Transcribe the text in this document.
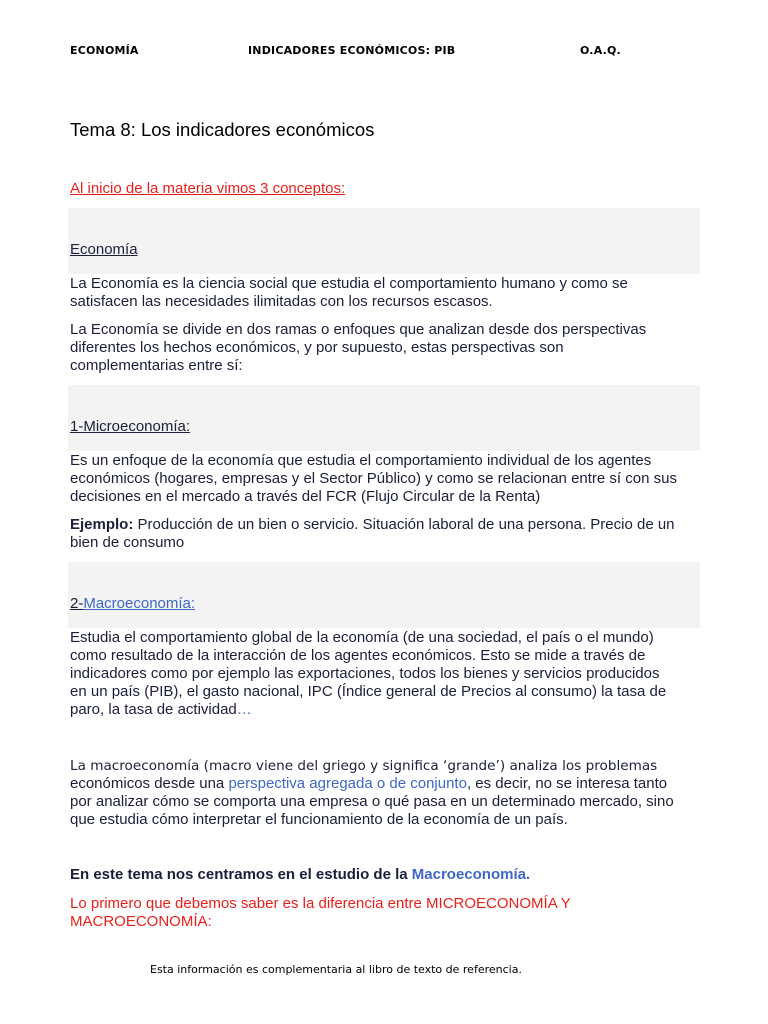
ECONOMÍA	INDICADORES ECONÓMICOS: PIB	O.A.Q.
Tema 8: Los indicadores económicos
Al inicio de la materia vimos 3 conceptos:
Economía
La Economía es la ciencia social que estudia el comportamiento humano y como se
satisfacen las necesidades ilimitadas con los recursos escasos.
La Economía se divide en dos ramas o enfoques que analizan desde dos perspectivas
diferentes los hechos económicos, y por supuesto, estas perspectivas son
complementarias entre sí:
1-Microeconomía:
Es un enfoque de la economía que estudia el comportamiento individual de los agentes
económicos (hogares, empresas y el Sector Público) y como se relacionan entre sí con sus
decisiones en el mercado a través del FCR (Flujo Circular de la Renta)
Ejemplo: Producción de un bien o servicio. Situación laboral de una persona. Precio de un
bien de consumo
2-Macroeconomía:
Estudia el comportamiento global de la economía (de una sociedad, el país o el mundo)
como resultado de la interacción de los agentes económicos. Esto se mide a través de
indicadores como por ejemplo las exportaciones, todos los bienes y servicios producidos
en un país (PIB), el gasto nacional, IPC (Índice general de Precios al consumo) la tasa de
paro, la tasa de actividad…
La macroeconomía (macro viene del griego y significa ‘grande’) analiza los problemas
económicos desde una perspectiva agregada o de conjunto, es decir, no se interesa tanto
por analizar cómo se comporta una empresa o qué pasa en un determinado mercado, sino
que estudia cómo interpretar el funcionamiento de la economía de un país.
En este tema nos centramos en el estudio de la Macroeconomía.
Lo primero que debemos saber es la diferencia entre MICROECONOMÍA Y
MACROECONOMÍA:
Esta información es complementaria al libro de texto de referencia.
